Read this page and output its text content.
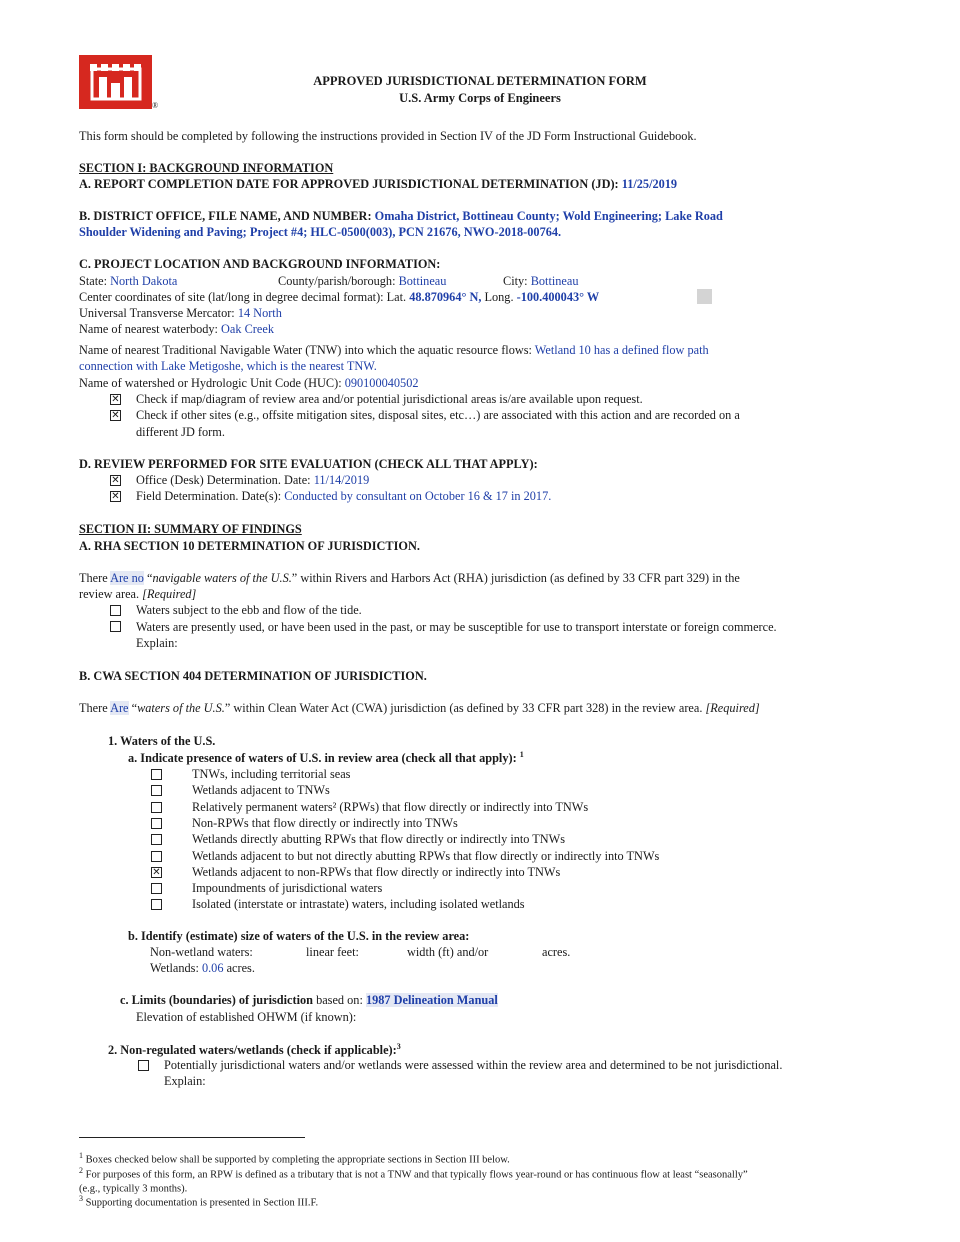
®
APPROVED JURISDICTIONAL DETERMINATION FORM
U.S. Army Corps of Engineers
This form should be completed by following the instructions provided in Section IV of the JD Form Instructional Guidebook.
SECTION I: BACKGROUND INFORMATION
A. REPORT COMPLETION DATE FOR APPROVED JURISDICTIONAL DETERMINATION (JD): 11/25/2019
B. DISTRICT OFFICE, FILE NAME, AND NUMBER: Omaha District, Bottineau County; Wold Engineering; Lake Road
Shoulder Widening and Paving; Project #4; HLC-0500(003), PCN 21676, NWO-2018-00764.
C. PROJECT LOCATION AND BACKGROUND INFORMATION:
State: North Dakota	County/parish/borough: Bottineau	City: Bottineau
Center coordinates of site (lat/long in degree decimal format): Lat. 48.870964° N, Long. -100.400043° W
Universal Transverse Mercator: 14 North
Name of nearest waterbody: Oak Creek
Name of nearest Traditional Navigable Water (TNW) into which the aquatic resource flows: Wetland 10 has a defined flow path
connection with Lake Metigoshe, which is the nearest TNW.
Name of watershed or Hydrologic Unit Code (HUC): 090100040502
✕
Check if map/diagram of review area and/or potential jurisdictional areas is/are available upon request.
✕
Check if other sites (e.g., offsite mitigation sites, disposal sites, etc…) are associated with this action and are recorded on a
different JD form.
D. REVIEW PERFORMED FOR SITE EVALUATION (CHECK ALL THAT APPLY):
✕
Office (Desk) Determination. Date: 11/14/2019
✕
Field Determination. Date(s): Conducted by consultant on October 16 & 17 in 2017.
SECTION II: SUMMARY OF FINDINGS
A. RHA SECTION 10 DETERMINATION OF JURISDICTION.
There Are no “navigable waters of the U.S.” within Rivers and Harbors Act (RHA) jurisdiction (as defined by 33 CFR part 329) in the
review area. [Required]
Waters subject to the ebb and flow of the tide.
Waters are presently used, or have been used in the past, or may be susceptible for use to transport interstate or foreign commerce.
Explain:
B. CWA SECTION 404 DETERMINATION OF JURISDICTION.
There Are “waters of the U.S.” within Clean Water Act (CWA) jurisdiction (as defined by 33 CFR part 328) in the review area. [Required]
1. Waters of the U.S.
a. Indicate presence of waters of U.S. in review area (check all that apply): $^1$
TNWs, including territorial seas
Wetlands adjacent to TNWs
Relatively permanent waters² (RPWs) that flow directly or indirectly into TNWs
Non-RPWs that flow directly or indirectly into TNWs
Wetlands directly abutting RPWs that flow directly or indirectly into TNWs
Wetlands adjacent to but not directly abutting RPWs that flow directly or indirectly into TNWs
✕
Wetlands adjacent to non-RPWs that flow directly or indirectly into TNWs
Impoundments of jurisdictional waters
Isolated (interstate or intrastate) waters, including isolated wetlands
b. Identify (estimate) size of waters of the U.S. in the review area:
Non-wetland waters:	linear feet:	width (ft) and/or	acres.
Wetlands: 0.06 acres.
c. Limits (boundaries) of jurisdiction based on: 1987 Delineation Manual
Elevation of established OHWM (if known):
2. Non-regulated waters/wetlands (check if applicable):$^3$
Potentially jurisdictional waters and/or wetlands were assessed within the review area and determined to be not jurisdictional.
Explain:
$^1$ Boxes checked below shall be supported by completing the appropriate sections in Section III below.
$^2$ For purposes of this form, an RPW is defined as a tributary that is not a TNW and that typically flows year-round or has continuous flow at least “seasonally”
(e.g., typically 3 months).
$^3$ Supporting documentation is presented in Section III.F.
